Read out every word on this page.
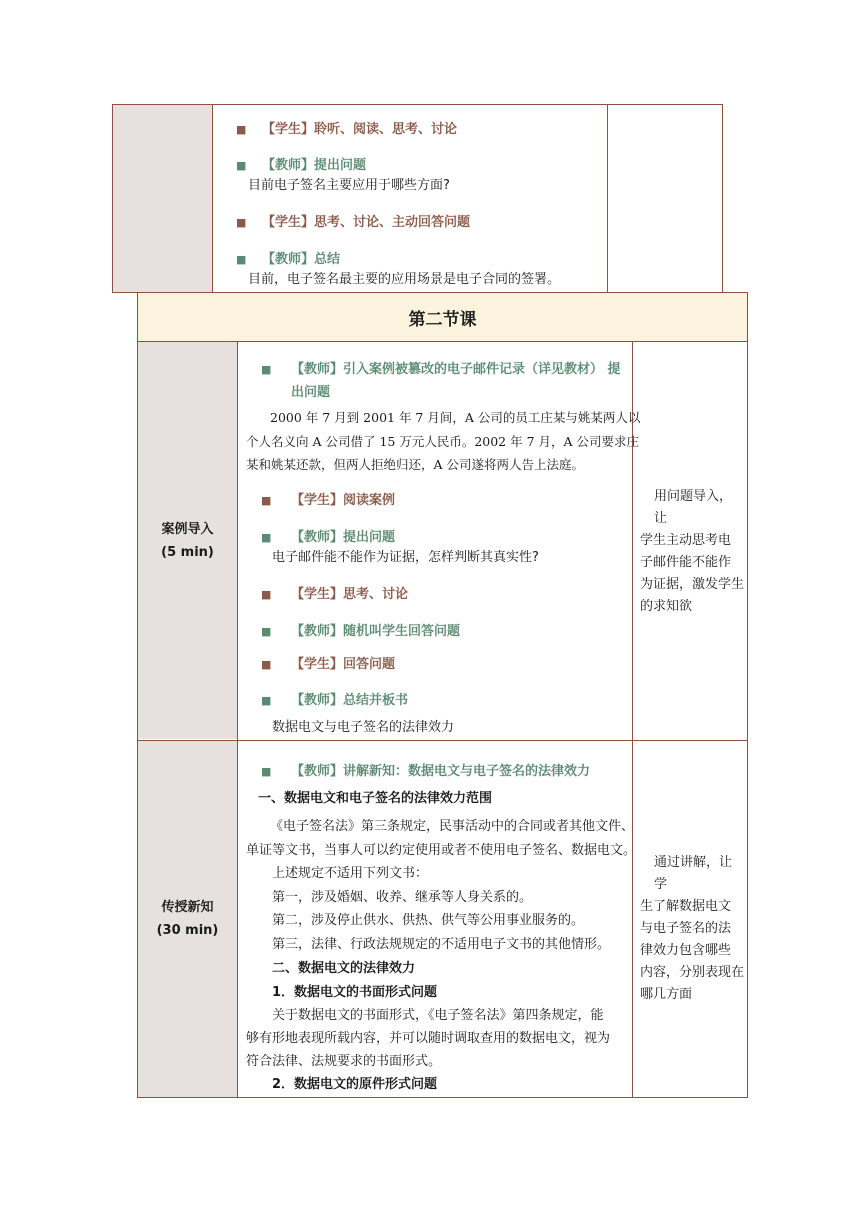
■ 【学生】聆听、阅读、思考、讨论
■ 【教师】提出问题
目前电子签名主要应用于哪些方面?
■ 【学生】思考、讨论、主动回答问题
■ 【教师】总结
目前，电子签名最主要的应用场景是电子合同的签署。
第二节课
案例导入
(5 min)
■ 【教师】引入案例被篡改的电子邮件记录（详见教材） 提
出问题
2000 年 7 月到 2001 年 7 月间，A 公司的员工庄某与姚某两人以
个人名义向 A 公司借了 15 万元人民币。2002 年 7 月，A 公司要求庄
某和姚某还款，但两人拒绝归还，A 公司遂将两人告上法庭。
■ 【学生】阅读案例
■ 【教师】提出问题
电子邮件能不能作为证据，怎样判断其真实性?
■ 【学生】思考、讨论
■ 【教师】随机叫学生回答问题
■ 【学生】回答问题
■ 【教师】总结并板书
数据电文与电子签名的法律效力
用问题导入，让
学生主动思考电
子邮件能不能作
为证据，激发学生
的求知欲
传授新知
(30 min)
■ 【教师】讲解新知：数据电文与电子签名的法律效力
一、数据电文和电子签名的法律效力范围
《电子签名法》第三条规定，民事活动中的合同或者其他文件、
单证等文书，当事人可以约定使用或者不使用电子签名、数据电文。
上述规定不适用下列文书：
第一，涉及婚姻、收养、继承等人身关系的。
第二，涉及停止供水、供热、供气等公用事业服务的。
第三，法律、行政法规规定的不适用电子文书的其他情形。
二、数据电文的法律效力
1．数据电文的书面形式问题
关于数据电文的书面形式，《电子签名法》第四条规定，能
够有形地表现所载内容，并可以随时调取查用的数据电文，视为
符合法律、法规要求的书面形式。
2．数据电文的原件形式问题
通过讲解，让学
生了解数据电文
与电子签名的法
律效力包含哪些
内容，分别表现在
哪几方面
